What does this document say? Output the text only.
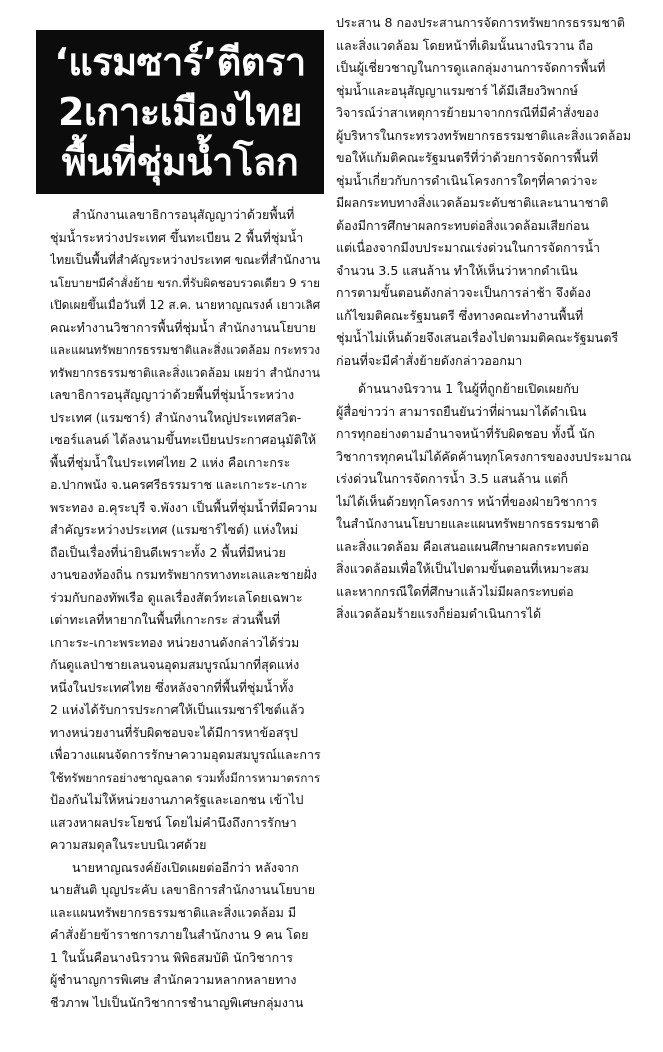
‘แรมซาร์’ตีตรา
2เกาะเมืองไทย
พื้นที่ชุ่มน้ำโลก
สำนักงานเลขาธิการอนุสัญญาว่าด้วยพื้นที่
ชุ่มน้ำระหว่างประเทศ ขึ้นทะเบียน 2 พื้นที่ชุ่มน้ำ
ไทยเป็นพื้นที่สำคัญระหว่างประเทศ ขณะที่สำนักงาน
นโยบายฯมีคำสั่งย้าย ขรก.ที่รับผิดชอบรวดเดียว 9 ราย
เปิดเผยขึ้นเมื่อวันที่ 12 ส.ค. นายหาญณรงค์ เยาวเลิศ
คณะทำงานวิชาการพื้นที่ชุ่มน้ำ สำนักงานนโยบาย
และแผนทรัพยากรธรรมชาติและสิ่งแวดล้อม กระทรวง
ทรัพยากรธรรมชาติและสิ่งแวดล้อม เผยว่า สำนักงาน
เลขาธิการอนุสัญญาว่าด้วยพื้นที่ชุ่มน้ำระหว่าง
ประเทศ (แรมซาร์) สำนักงานใหญ่ประเทศสวิต-
เซอร์แลนด์ ได้ลงนามขึ้นทะเบียนประกาศอนุมัติให้
พื้นที่ชุ่มน้ำในประเทศไทย 2 แห่ง คือเกาะกระ
อ.ปากพนัง จ.นครศรีธรรมราช และเกาะระ-เกาะ
พระทอง อ.คุระบุรี จ.พังงา เป็นพื้นที่ชุ่มน้ำที่มีความ
สำคัญระหว่างประเทศ (แรมซาร์ไซต์) แห่งใหม่
ถือเป็นเรื่องที่น่ายินดีเพราะทั้ง 2 พื้นที่มีหน่วย
งานของท้องถิ่น กรมทรัพยากรทางทะเลและชายฝั่ง
ร่วมกับกองทัพเรือ ดูแลเรื่องสัตว์ทะเลโดยเฉพาะ
เต่าทะเลที่หายากในพื้นที่เกาะกระ ส่วนพื้นที่
เกาะระ-เกาะพระทอง หน่วยงานดังกล่าวได้ร่วม
กันดูแลป่าชายเลนจนอุดมสมบูรณ์มากที่สุดแห่ง
หนึ่งในประเทศไทย ซึ่งหลังจากที่พื้นที่ชุ่มน้ำทั้ง
2 แห่งได้รับการประกาศให้เป็นแรมซาร์ไซต์แล้ว
ทางหน่วยงานที่รับผิดชอบจะได้มีการหาข้อสรุป
เพื่อวางแผนจัดการรักษาความอุดมสมบูรณ์และการ
ใช้ทรัพยากรอย่างชาญฉลาด รวมทั้งมีการหามาตรการ
ป้องกันไม่ให้หน่วยงานภาครัฐและเอกชน เข้าไป
แสวงหาผลประโยชน์ โดยไม่คำนึงถึงการรักษา
ความสมดุลในระบบนิเวศด้วย
นายหาญณรงค์ยังเปิดเผยต่ออีกว่า หลังจาก
นายสันติ บุญประคับ เลขาธิการสำนักงานนโยบาย
และแผนทรัพยากรธรรมชาติและสิ่งแวดล้อม มี
คำสั่งย้ายข้าราชการภายในสำนักงาน 9 คน โดย
1 ในนั้นคือนางนิรวาน พิพิธสมบัติ นักวิชาการ
ผู้ชำนาญการพิเศษ สำนักความหลากหลายทาง
ชีวภาพ ไปเป็นนักวิชาการชำนาญพิเศษกลุ่มงาน
ประสาน 8 กองประสานการจัดการทรัพยากรธรรมชาติ
และสิ่งแวดล้อม โดยหน้าที่เดิมนั้นนางนิรวาน ถือ
เป็นผู้เชี่ยวชาญในการดูแลกลุ่มงานการจัดการพื้นที่
ชุ่มน้ำและอนุสัญญาแรมซาร์ ได้มีเสียงวิพากษ์
วิจารณ์ว่าสาเหตุการย้ายมาจากกรณีที่มีคำสั่งของ
ผู้บริหารในกระทรวงทรัพยากรธรรมชาติและสิ่งแวดล้อม
ขอให้แก้มติคณะรัฐมนตรีที่ว่าด้วยการจัดการพื้นที่
ชุ่มน้ำเกี่ยวกับการดำเนินโครงการใดๆที่คาดว่าจะ
มีผลกระทบทางสิ่งแวดล้อมระดับชาติและนานาชาติ
ต้องมีการศึกษาผลกระทบต่อสิ่งแวดล้อมเสียก่อน
แต่เนื่องจากมีงบประมาณเร่งด่วนในการจัดการน้ำ
จำนวน 3.5 แสนล้าน ทำให้เห็นว่าหากดำเนิน
การตามขั้นตอนดังกล่าวจะเป็นการล่าช้า จึงต้อง
แก้ไขมติคณะรัฐมนตรี ซึ่งทางคณะทำงานพื้นที่
ชุ่มน้ำไม่เห็นด้วยจึงเสนอเรื่องไปตามมติคณะรัฐมนตรี
ก่อนที่จะมีคำสั่งย้ายดังกล่าวออกมา
ด้านนางนิรวาน 1 ในผู้ที่ถูกย้ายเปิดเผยกับ
ผู้สื่อข่าวว่า สามารถยืนยันว่าที่ผ่านมาได้ดำเนิน
การทุกอย่างตามอำนาจหน้าที่รับผิดชอบ ทั้งนี้ นัก
วิชาการทุกคนไม่ได้คัดค้านทุกโครงการของงบประมาณ
เร่งด่วนในการจัดการน้ำ 3.5 แสนล้าน แต่ก็
ไม่ได้เห็นด้วยทุกโครงการ หน้าที่ของฝ่ายวิชาการ
ในสำนักงานนโยบายและแผนทรัพยากรธรรมชาติ
และสิ่งแวดล้อม คือเสนอแผนศึกษาผลกระทบต่อ
สิ่งแวดล้อมเพื่อให้เป็นไปตามขั้นตอนที่เหมาะสม
และหากกรณีใดที่ศึกษาแล้วไม่มีผลกระทบต่อ
สิ่งแวดล้อมร้ายแรงก็ย่อมดำเนินการได้
